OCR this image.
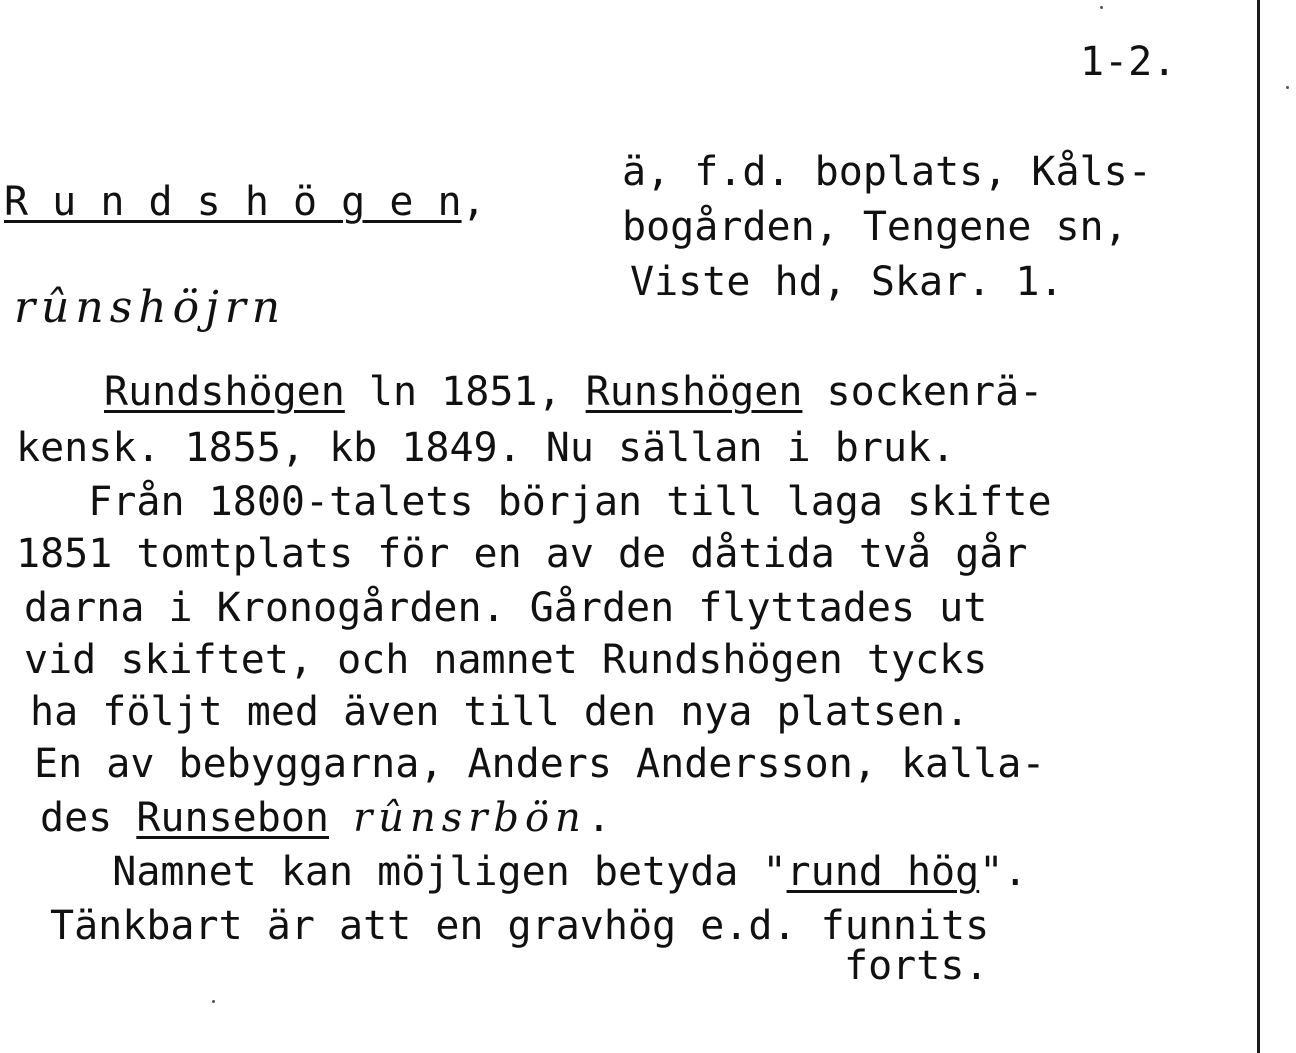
1-2.
R u n d s h ö g e n,
ä, f.d. boplats, Kåls-
bogården, Tengene sn,
Viste hd, Skar. 1.
rûnshöjrn
Rundshögen ln 1851, Runshögen sockenrä-
kensk. 1855, kb 1849. Nu sällan i bruk.
Från 1800-talets början till laga skifte
1851 tomtplats för en av de dåtida två går
darna i Kronogården. Gården flyttades ut
vid skiftet, och namnet Rundshögen tycks
ha följt med även till den nya platsen.
En av bebyggarna, Anders Andersson, kalla-
des Runsebon rûnsrbön.
Namnet kan möjligen betyda "rund hög".
Tänkbart är att en gravhög e.d. funnits
forts.
